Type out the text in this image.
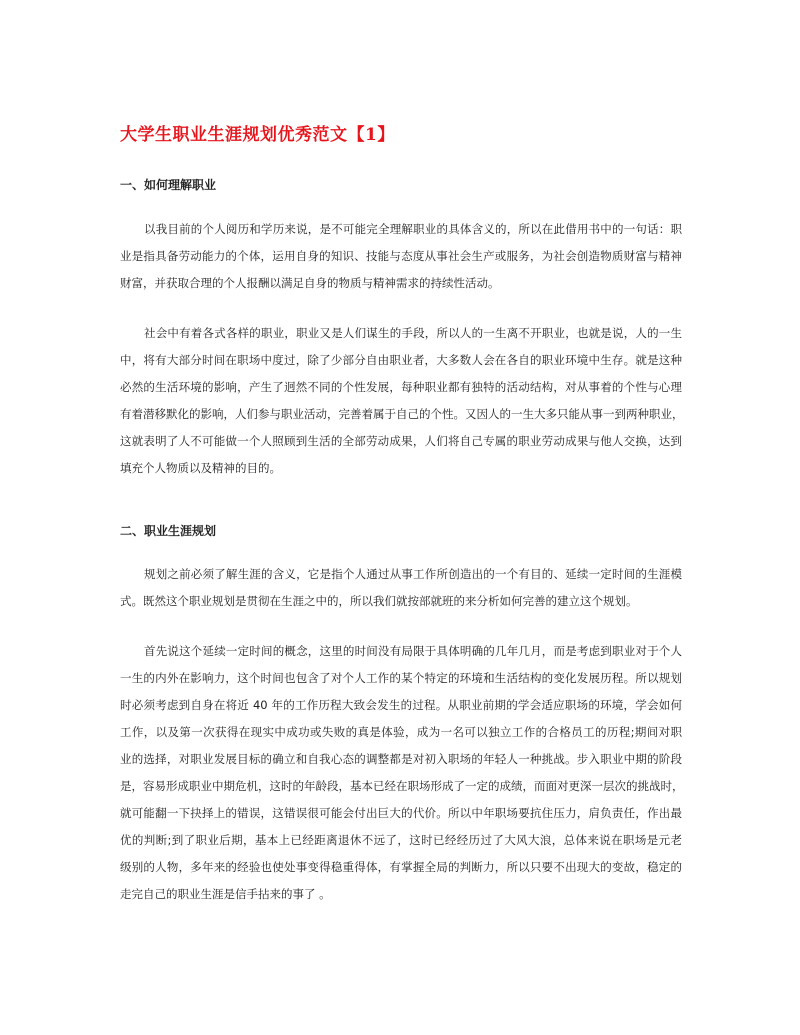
大学生职业生涯规划优秀范文【1】
一、如何理解职业
以我目前的个人阅历和学历来说，是不可能完全理解职业的具体含义的，所以在此借用书中的一句话：职
业是指具备劳动能力的个体，运用自身的知识、技能与态度从事社会生产或服务，为社会创造物质财富与精神
财富，并获取合理的个人报酬以满足自身的物质与精神需求的持续性活动。
社会中有着各式各样的职业，职业又是人们谋生的手段，所以人的一生离不开职业，也就是说，人的一生
中，将有大部分时间在职场中度过，除了少部分自由职业者，大多数人会在各自的职业环境中生存。就是这种
必然的生活环境的影响，产生了迥然不同的个性发展，每种职业都有独特的活动结构，对从事着的个性与心理
有着潜移默化的影响，人们参与职业活动，完善着属于自己的个性。又因人的一生大多只能从事一到两种职业，
这就表明了人不可能做一个人照顾到生活的全部劳动成果，人们将自己专属的职业劳动成果与他人交换，达到
填充个人物质以及精神的目的。
二、职业生涯规划
规划之前必须了解生涯的含义，它是指个人通过从事工作所创造出的一个有目的、延续一定时间的生涯模
式。既然这个职业规划是贯彻在生涯之中的，所以我们就按部就班的来分析如何完善的建立这个规划。
首先说这个延续一定时间的概念，这里的时间没有局限于具体明确的几年几月，而是考虑到职业对于个人
一生的内外在影响力，这个时间也包含了对个人工作的某个特定的环境和生活结构的变化发展历程。所以规划
时必须考虑到自身在将近 40 年的工作历程大致会发生的过程。从职业前期的学会适应职场的环境，学会如何
工作，以及第一次获得在现实中成功或失败的真是体验，成为一名可以独立工作的合格员工的历程;期间对职
业的选择，对职业发展目标的确立和自我心态的调整都是对初入职场的年轻人一种挑战。步入职业中期的阶段
是，容易形成职业中期危机，这时的年龄段，基本已经在职场形成了一定的成绩，而面对更深一层次的挑战时，
就可能翻一下抉择上的错误，这错误很可能会付出巨大的代价。所以中年职场要抗住压力，肩负责任，作出最
优的判断;到了职业后期，基本上已经距离退休不远了，这时已经经历过了大风大浪，总体来说在职场是元老
级别的人物，多年来的经验也使处事变得稳重得体，有掌握全局的判断力，所以只要不出现大的变故，稳定的
走完自己的职业生涯是信手拈来的事了 。
